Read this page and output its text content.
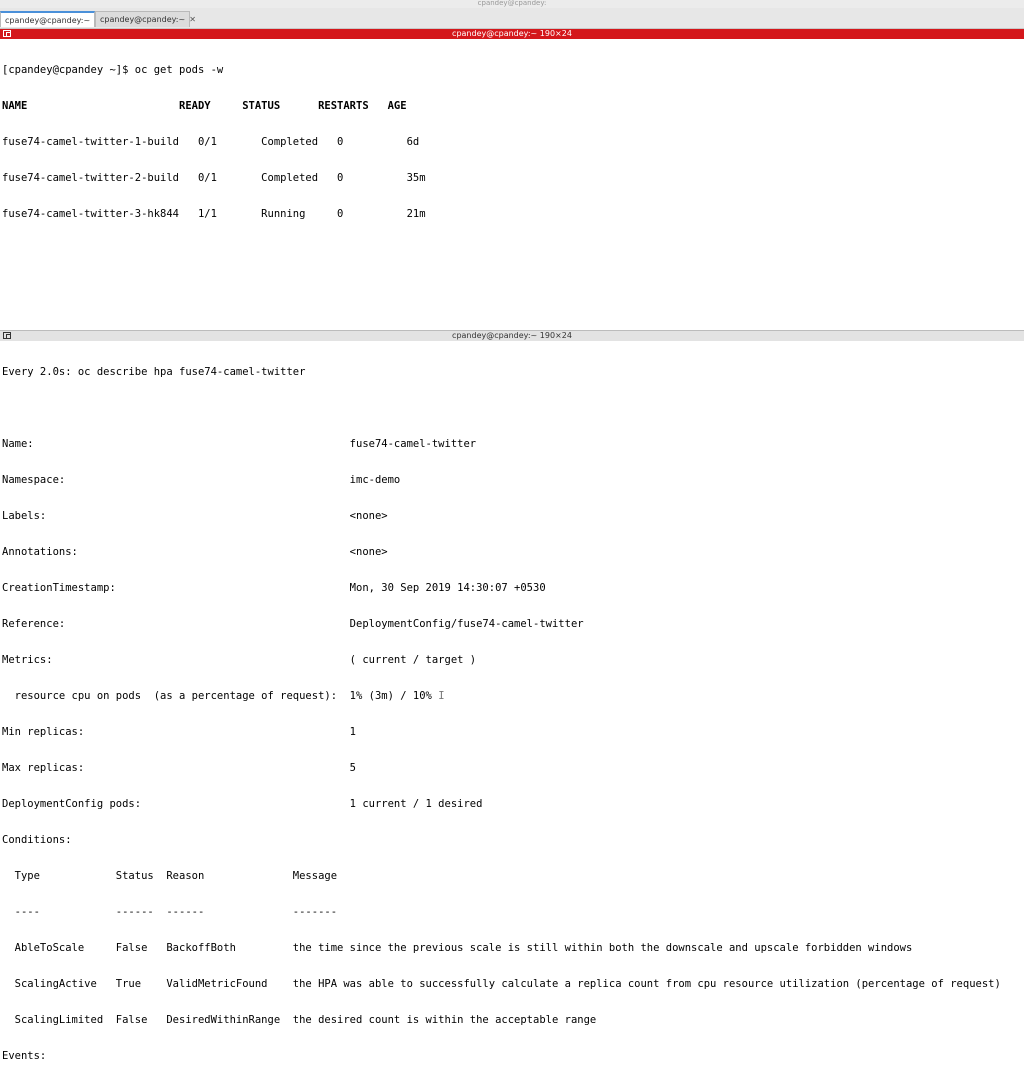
cpandey@cpandey:
cpandey@cpandey:~	cpandey@cpandey:~ ✕
cpandey@cpandey:~ 190×24

[cpandey@cpandey ~]$ oc get pods -w

NAME                        READY     STATUS      RESTARTS   AGE

fuse74-camel-twitter-1-build   0/1       Completed   0          6d

fuse74-camel-twitter-2-build   0/1       Completed   0          35m

fuse74-camel-twitter-3-hk844   1/1       Running     0          21m

cpandey@cpandey:~ 190×24

Every 2.0s: oc describe hpa fuse74-camel-twitter

Name:                                                  fuse74-camel-twitter

Namespace:                                             imc-demo

Labels:                                                <none>

Annotations:                                           <none>

CreationTimestamp:                                     Mon, 30 Sep 2019 14:30:07 +0530

Reference:                                             DeploymentConfig/fuse74-camel-twitter

Metrics:                                               ( current / target )

resource cpu on pods  (as a percentage of request):  1% (3m) / 10% I

Min replicas:                                          1

Max replicas:                                          5

DeploymentConfig pods:                                 1 current / 1 desired

Conditions:

Type            Status  Reason              Message

----            ------  ------              -------

AbleToScale     False   BackoffBoth         the time since the previous scale is still within both the downscale and upscale forbidden windows

ScalingActive   True    ValidMetricFound    the HPA was able to successfully calculate a replica count from cpu resource utilization (percentage of request)

ScalingLimited  False   DesiredWithinRange  the desired count is within the acceptable range

Events:
